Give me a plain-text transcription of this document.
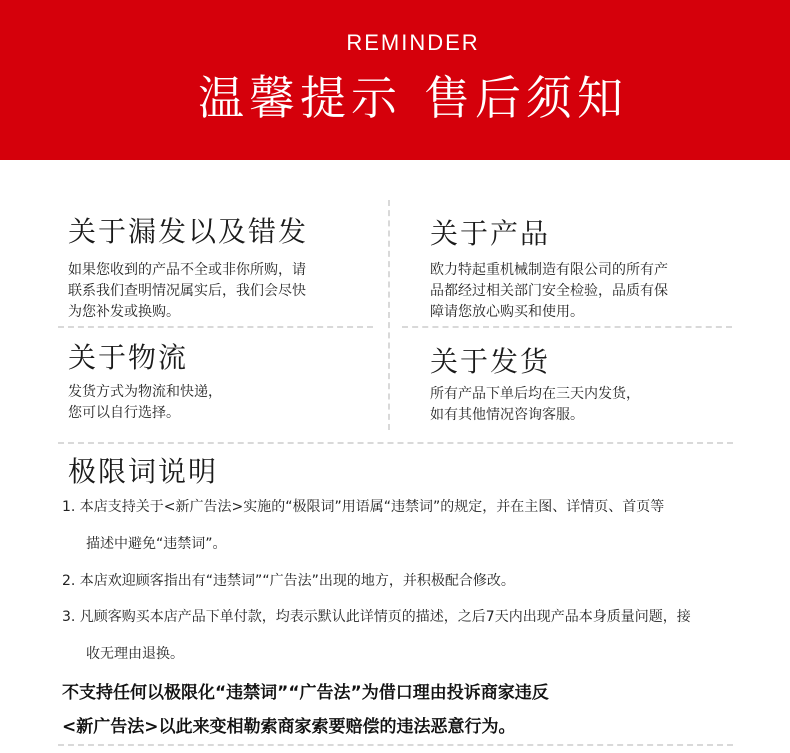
REMINDER
温馨提示 售后须知
关于漏发以及错发

如果您收到的产品不全或非你所购，请

联系我们查明情况属实后，我们会尽快

为您补发或换购。

关于产品

欧力特起重机械制造有限公司的所有产

品都经过相关部门安全检验，品质有保

障请您放心购买和使用。

关于物流

发货方式为物流和快递，

您可以自行选择。

关于发货

所有产品下单后均在三天内发货，

如有其他情况咨询客服。

极限词说明
1. 本店支持关于<新广告法>实施的“极限词”用语属“违禁词”的规定，并在主图、详情页、首页等
描述中避免“违禁词”。
2. 本店欢迎顾客指出有“违禁词”“广告法”出现的地方，并积极配合修改。
3. 凡顾客购买本店产品下单付款，均表示默认此详情页的描述，之后7天内出现产品本身质量问题，接
收无理由退换。
不支持任何以极限化“违禁词”“广告法”为借口理由投诉商家违反
<新广告法>以此来变相勒索商家索要赔偿的违法恶意行为。
